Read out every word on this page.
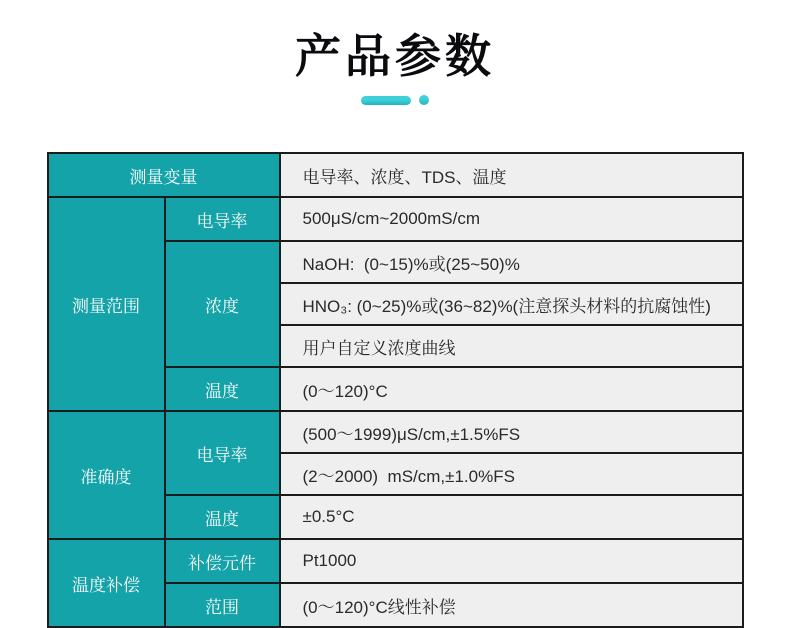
产品参数
测量变量		电导率、浓度、TDS、温度
测量范围	电导率	500μS/cm~2000mS/cm
	浓度	NaOH:  (0~15)%或(25~50)%
		HNO₃: (0~25)%或(36~82)%(注意探头材料的抗腐蚀性)
		用户自定义浓度曲线
	温度	(0～120)°C
准确度	电导率	(500～1999)μS/cm,±1.5%FS
		(2～2000)  mS/cm,±1.0%FS
	温度	±0.5°C
温度补偿	补偿元件	Pt1000
	范围	(0～120)°C线性补偿
